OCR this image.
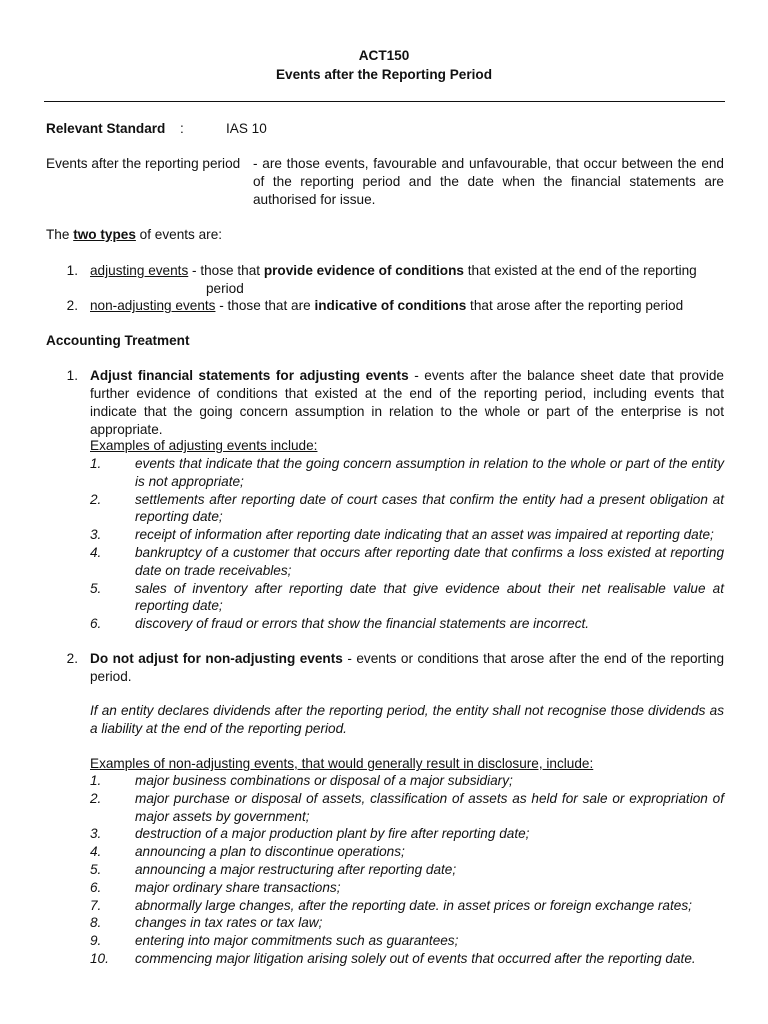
ACT150
Events after the Reporting Period
Relevant Standard :	IAS 10
Events after the reporting period - are those events, favourable and unfavourable, that occur between the end of the reporting period and the date when the financial statements are authorised for issue.
The two types of events are:
1. adjusting events - those that provide evidence of conditions that existed at the end of the reporting
period
2. non-adjusting events - those that are indicative of conditions that arose after the reporting period
Accounting Treatment
1. Adjust financial statements for adjusting events - events after the balance sheet date that provide further evidence of conditions that existed at the end of the reporting period, including events that indicate that the going concern assumption in relation to the whole or part of the enterprise is not appropriate.
Examples of adjusting events include:
1.	events that indicate that the going concern assumption in relation to the whole or part of the entity is not appropriate;
2.	settlements after reporting date of court cases that confirm the entity had a present obligation at reporting date;
3.	receipt of information after reporting date indicating that an asset was impaired at reporting date;
4.	bankruptcy of a customer that occurs after reporting date that confirms a loss existed at reporting date on trade receivables;
5.	sales of inventory after reporting date that give evidence about their net realisable value at reporting date;
6.	discovery of fraud or errors that show the financial statements are incorrect.
2. Do not adjust for non-adjusting events - events or conditions that arose after the end of the reporting period.
If an entity declares dividends after the reporting period, the entity shall not recognise those dividends as a liability at the end of the reporting period.
Examples of non-adjusting events, that would generally result in disclosure, include:
1.	major business combinations or disposal of a major subsidiary;
2.	major purchase or disposal of assets, classification of assets as held for sale or expropriation of major assets by government;
3.	destruction of a major production plant by fire after reporting date;
4.	announcing a plan to discontinue operations;
5.	announcing a major restructuring after reporting date;
6.	major ordinary share transactions;
7.	abnormally large changes, after the reporting date. in asset prices or foreign exchange rates;
8.	changes in tax rates or tax law;
9.	entering into major commitments such as guarantees;
10.	commencing major litigation arising solely out of events that occurred after the reporting date.
